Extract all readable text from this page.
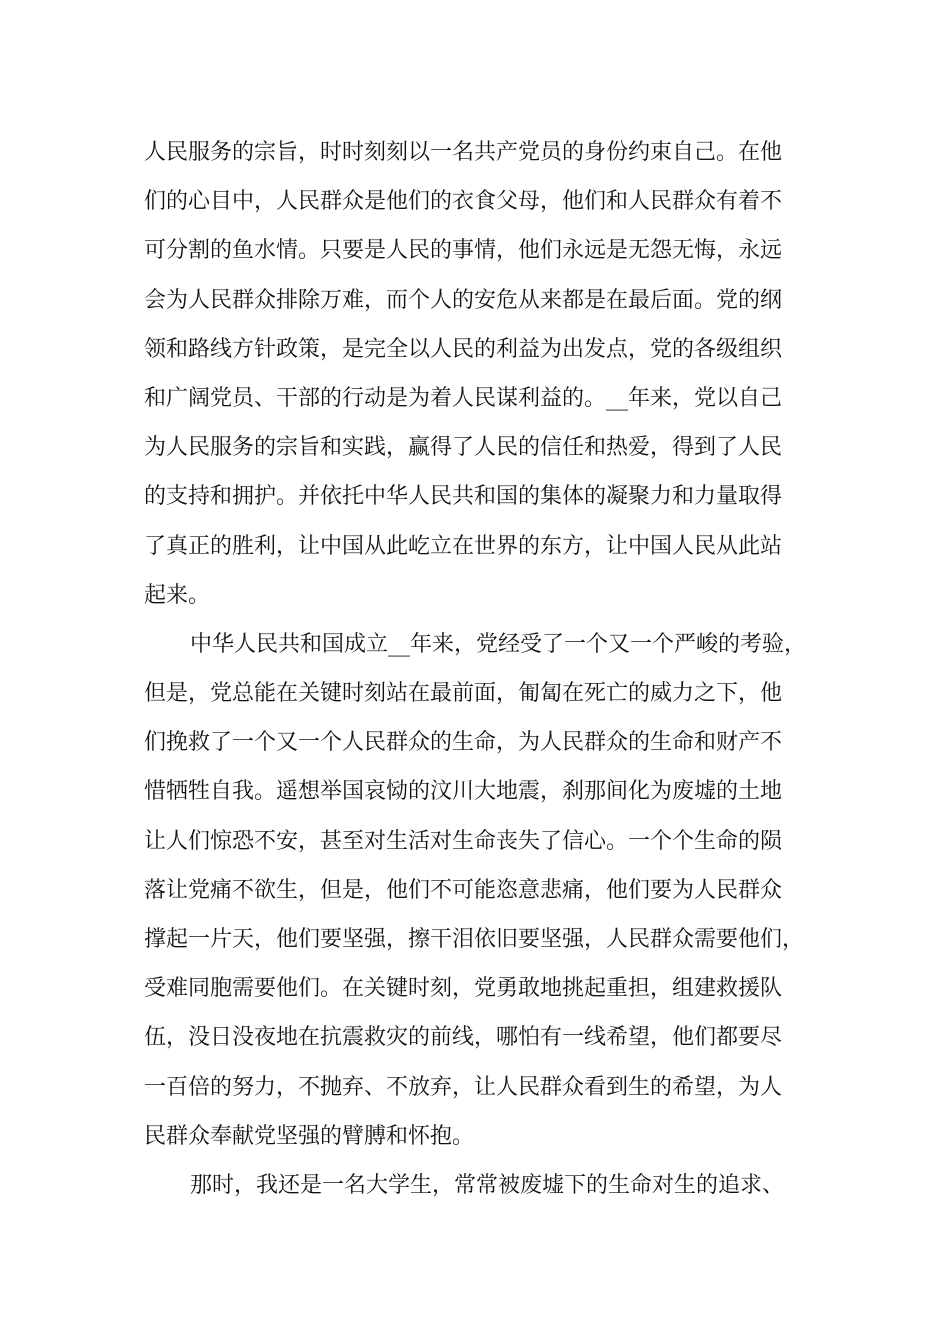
人民服务的宗旨，时时刻刻以一名共产党员的身份约束自己。在他
们的心目中，人民群众是他们的衣食父母，他们和人民群众有着不
可分割的鱼水情。只要是人民的事情，他们永远是无怨无悔，永远
会为人民群众排除万难，而个人的安危从来都是在最后面。党的纲
领和路线方针政策，是完全以人民的利益为出发点，党的各级组织
和广阔党员、干部的行动是为着人民谋利益的。__年来，党以自己
为人民服务的宗旨和实践，赢得了人民的信任和热爱，得到了人民
的支持和拥护。并依托中华人民共和国的集体的凝聚力和力量取得
了真正的胜利，让中国从此屹立在世界的东方，让中国人民从此站
起来。
中华人民共和国成立__年来，党经受了一个又一个严峻的考验，
但是，党总能在关键时刻站在最前面，匍匐在死亡的威力之下，他
们挽救了一个又一个人民群众的生命，为人民群众的生命和财产不
惜牺牲自我。遥想举国哀恸的汶川大地震，刹那间化为废墟的土地
让人们惊恐不安，甚至对生活对生命丧失了信心。一个个生命的陨
落让党痛不欲生，但是，他们不可能恣意悲痛，他们要为人民群众
撑起一片天，他们要坚强，擦干泪依旧要坚强，人民群众需要他们，
受难同胞需要他们。在关键时刻，党勇敢地挑起重担，组建救援队
伍，没日没夜地在抗震救灾的前线，哪怕有一线希望，他们都要尽
一百倍的努力，不抛弃、不放弃，让人民群众看到生的希望，为人
民群众奉献党坚强的臂膊和怀抱。
那时，我还是一名大学生，常常被废墟下的生命对生的追求、
